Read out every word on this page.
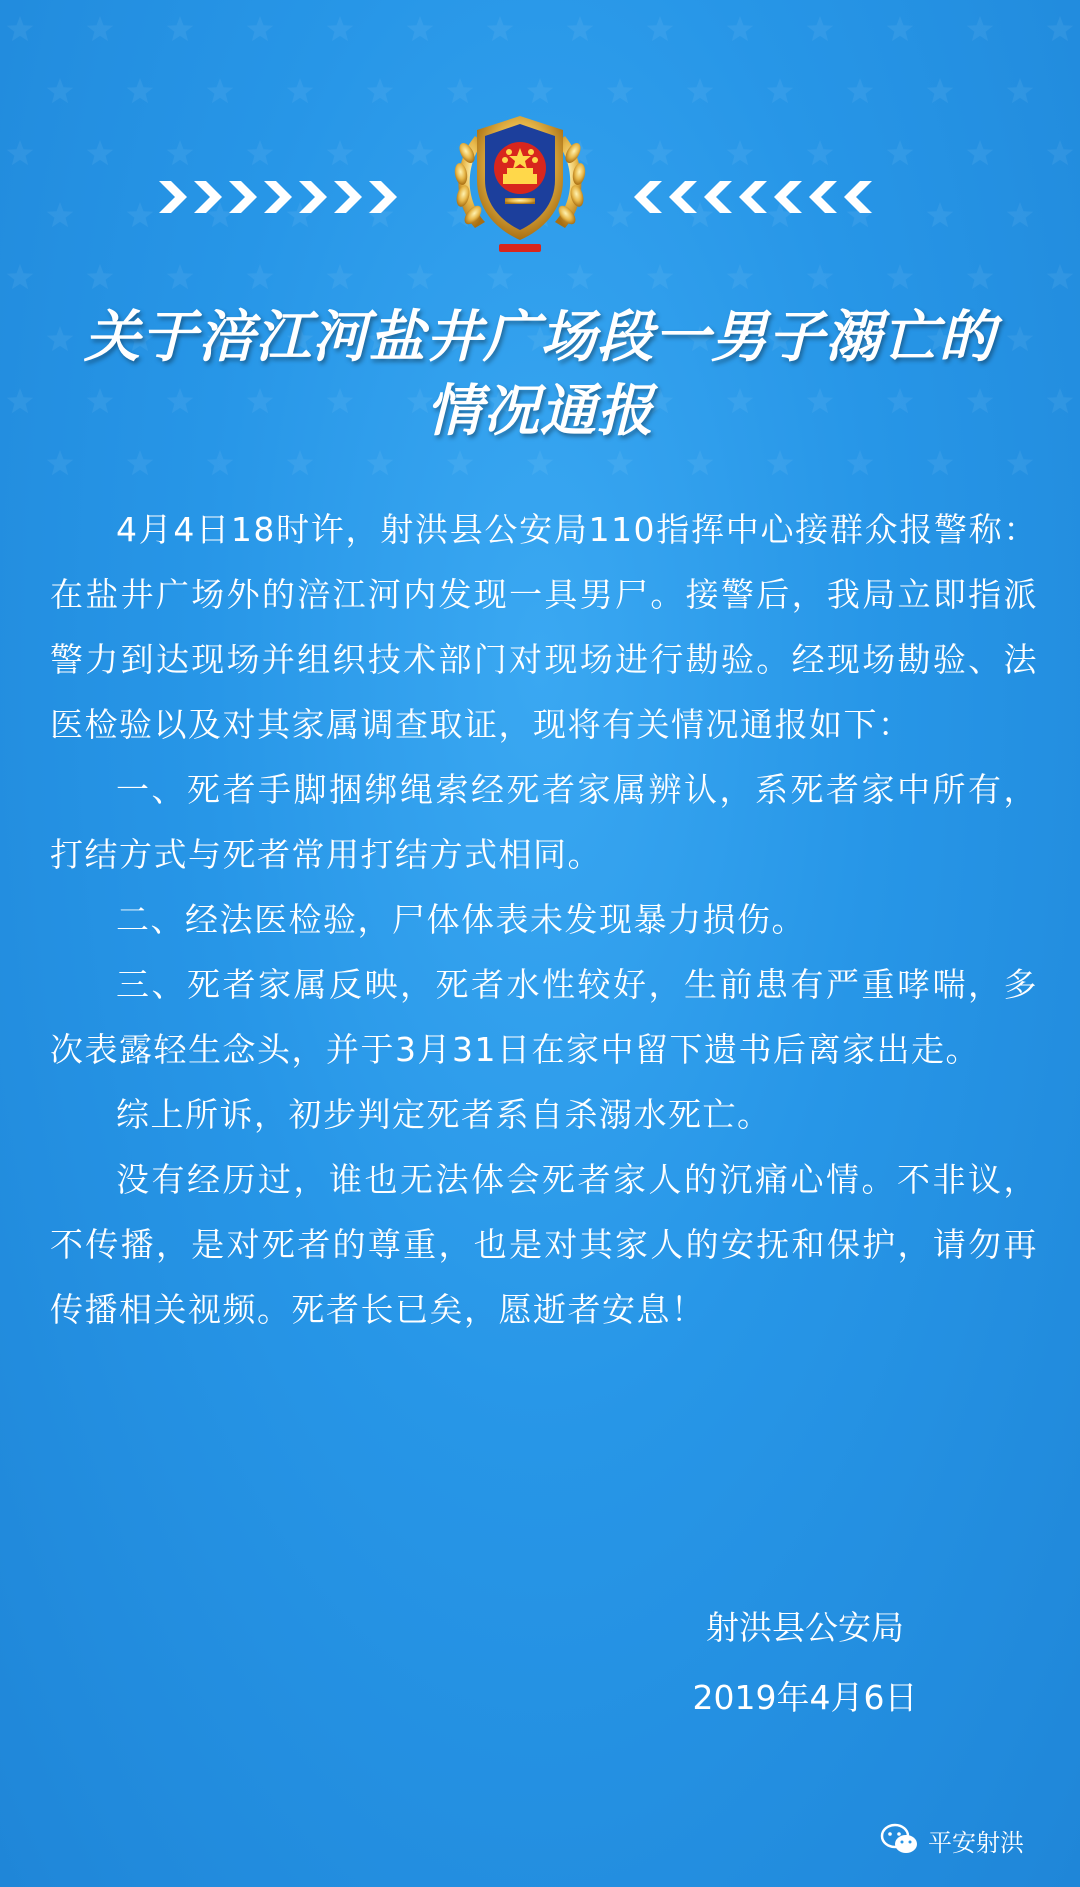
关于涪江河盐井广场段一男子溺亡的
情况通报

4月4日18时许，射洪县公安局110指挥中心接群众报警称：在盐井广场外的涪江河内发现一具男尸。接警后，我局立即指派警力到达现场并组织技术部门对现场进行勘验。经现场勘验、法医检验以及对其家属调查取证，现将有关情况通报如下：

一、死者手脚捆绑绳索经死者家属辨认，系死者家中所有，打结方式与死者常用打结方式相同。

二、经法医检验，尸体体表未发现暴力损伤。

三、死者家属反映，死者水性较好，生前患有严重哮喘，多次表露轻生念头，并于3月31日在家中留下遗书后离家出走。

综上所诉，初步判定死者系自杀溺水死亡。

没有经历过，谁也无法体会死者家人的沉痛心情。不非议，不传播，是对死者的尊重，也是对其家人的安抚和保护，请勿再传播相关视频。死者长已矣，愿逝者安息！

射洪县公安局
2019年4月6日
平安射洪
